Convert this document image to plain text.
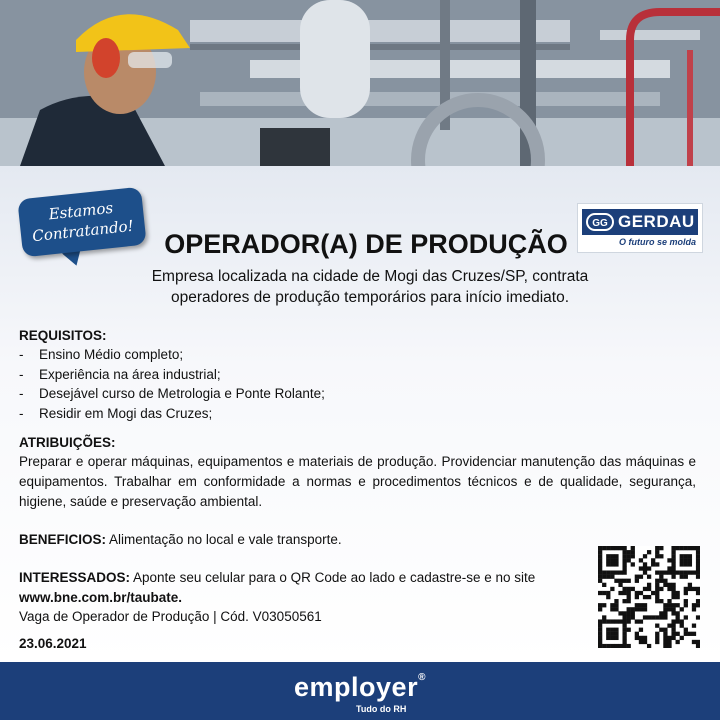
Estamos
Contratando!	GG GERDAU
O futuro se molda
OPERADOR(A) DE PRODUÇÃO
Empresa localizada na cidade de Mogi das Cruzes/SP, contrata operadores de produção temporários para início imediato.
REQUISITOS:
- Ensino Médio completo;
- Experiência na área industrial;
- Desejável curso de Metrologia e Ponte Rolante;
- Residir em Mogi das Cruzes;
ATRIBUIÇÕES:
Preparar e operar máquinas, equipamentos e materiais de produção. Providenciar manutenção das máquinas e equipamentos. Trabalhar em conformidade a normas e procedimentos técnicos e de qualidade, segurança, higiene, saúde e preservação ambiental.
BENEFICIOS: Alimentação no local e vale transporte.
INTERESSADOS: Aponte seu celular para o QR Code ao lado e cadastre-se e no site
www.bne.com.br/taubate.
Vaga de Operador de Produção | Cód. V03050561
23.06.2021
employer®
Tudo do RH
